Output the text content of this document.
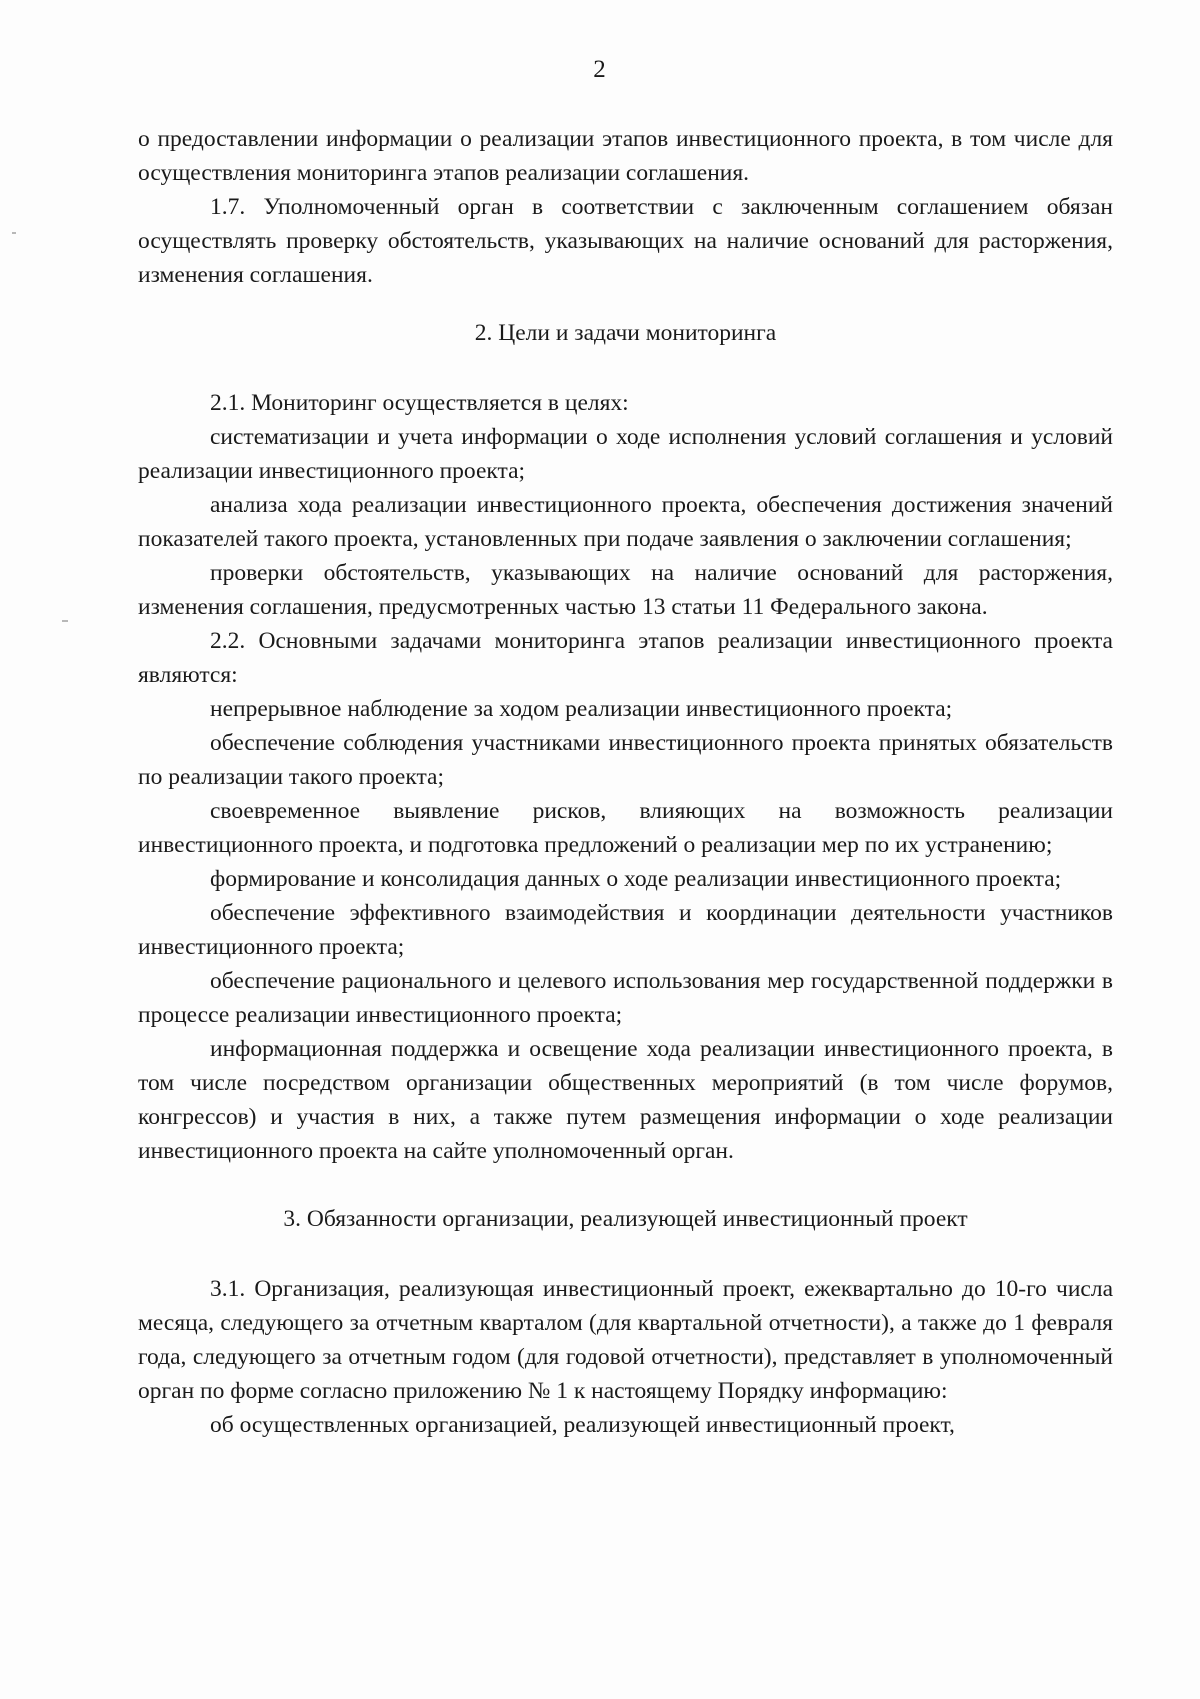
2

о предоставлении информации о реализации этапов инвестиционного проекта, в том числе для осуществления мониторинга этапов реализации соглашения.

1.7. Уполномоченный орган в соответствии с заключенным соглашением обязан осуществлять проверку обстоятельств, указывающих на наличие оснований для расторжения, изменения соглашения.

2. Цели и задачи мониторинга

2.1. Мониторинг осуществляется в целях:

систематизации и учета информации о ходе исполнения условий соглашения и условий реализации инвестиционного проекта;

анализа хода реализации инвестиционного проекта, обеспечения достижения значений показателей такого проекта, установленных при подаче заявления о заключении соглашения;

проверки обстоятельств, указывающих на наличие оснований для расторжения, изменения соглашения, предусмотренных частью 13 статьи 11 Федерального закона.

2.2. Основными задачами мониторинга этапов реализации инвестиционного проекта являются:

непрерывное наблюдение за ходом реализации инвестиционного проекта;

обеспечение соблюдения участниками инвестиционного проекта принятых обязательств по реализации такого проекта;

своевременное выявление рисков, влияющих на возможность реализации инвестиционного проекта, и подготовка предложений о реализации мер по их устранению;

формирование и консолидация данных о ходе реализации инвестиционного проекта;

обеспечение эффективного взаимодействия и координации деятельности участников инвестиционного проекта;

обеспечение рационального и целевого использования мер государственной поддержки в процессе реализации инвестиционного проекта;

информационная поддержка и освещение хода реализации инвестиционного проекта, в том числе посредством организации общественных мероприятий (в том числе форумов, конгрессов) и участия в них, а также путем размещения информации о ходе реализации инвестиционного проекта на сайте уполномоченный орган.

3. Обязанности организации, реализующей инвестиционный проект

3.1. Организация, реализующая инвестиционный проект, ежеквартально до 10-го числа месяца, следующего за отчетным кварталом (для квартальной отчетности), а также до 1 февраля года, следующего за отчетным годом (для годовой отчетности), представляет в уполномоченный орган по форме согласно приложению № 1 к настоящему Порядку информацию:

об осуществленных организацией, реализующей инвестиционный проект,
